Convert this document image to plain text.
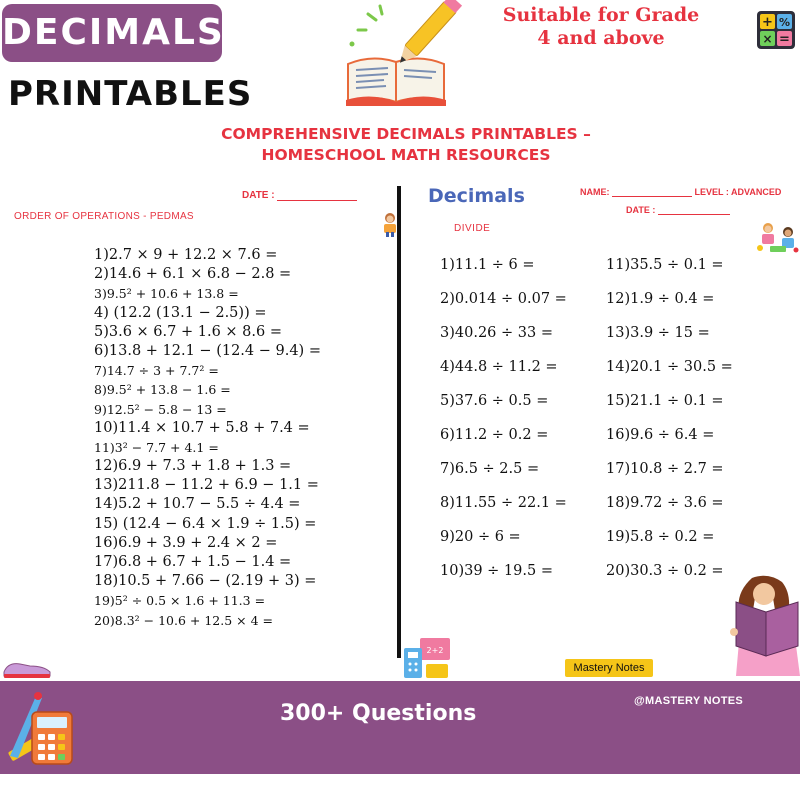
DECIMALS
PRINTABLES
Suitable for Grade
4 and above
+ %
× =
COMPREHENSIVE DECIMALS PRINTABLES –
HOMESCHOOL MATH RESOURCES
DATE :
ORDER OF OPERATIONS - PEDMAS
1)2.7 × 9 + 12.2 × 7.6 =
2)14.6 + 6.1 × 6.8 − 2.8 =
3)9.5² + 10.6 + 13.8 =
4) (12.2 (13.1 − 2.5)) =
5)3.6 × 6.7 + 1.6 × 8.6 =
6)13.8 + 12.1 − (12.4 − 9.4) =
7)14.7 ÷ 3 + 7.7² =
8)9.5² + 13.8 − 1.6 =
9)12.5² − 5.8 − 13 =
10)11.4 × 10.7 + 5.8 + 7.4 =
11)3² − 7.7 + 4.1 =
12)6.9 + 7.3 + 1.8 + 1.3 =
13)211.8 − 11.2 + 6.9 − 1.1 =
14)5.2 + 10.7 − 5.5 ÷ 4.4 =
15) (12.4 − 6.4 × 1.9 ÷ 1.5) =
16)6.9 + 3.9 + 2.4 × 2 =
17)6.8 + 6.7 + 1.5 − 1.4 =
18)10.5 + 7.66 − (2.19 + 3) =
19)5² ÷ 0.5 × 1.6 + 11.3 =
20)8.3² − 10.6 + 12.5 × 4 =
Decimals	NAME:	LEVEL : ADVANCED
DATE :
DIVIDE
1)11.1 ÷ 6 =
2)0.014 ÷ 0.07 =
3)40.26 ÷ 33 =
4)44.8 ÷ 11.2 =
5)37.6 ÷ 0.5 =
6)11.2 ÷ 0.2 =
7)6.5 ÷ 2.5 =
8)11.55 ÷ 22.1 =
9)20 ÷ 6 =
10)39 ÷ 19.5 =
11)35.5 ÷ 0.1 =
12)1.9 ÷ 0.4 =
13)3.9 ÷ 15 =
14)20.1 ÷ 30.5 =
15)21.1 ÷ 0.1 =
16)9.6 ÷ 6.4 =
17)10.8 ÷ 2.7 =
18)9.72 ÷ 3.6 =
19)5.8 ÷ 0.2 =
20)30.3 ÷ 0.2 =
2+2
Mastery Notes
300+ Questions	@MASTERY NOTES
